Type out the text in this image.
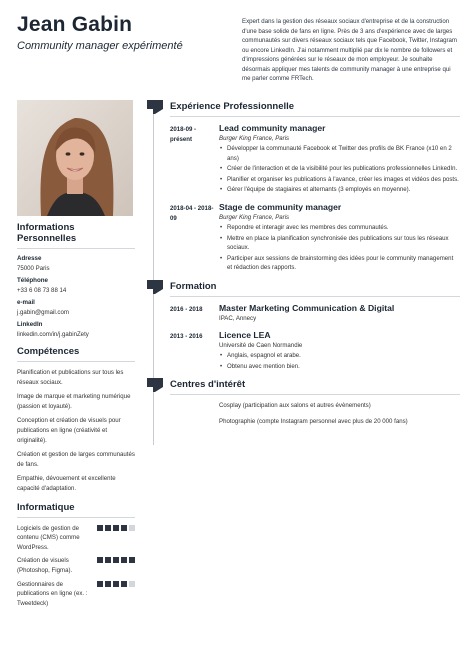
Jean Gabin
Community manager expérimenté
Expert dans la gestion des réseaux sociaux d'entreprise et de la construction d'une base solide de fans en ligne. Près de 3 ans d'expérience avec de larges communautés sur divers réseaux sociaux tels que Facebook, Twitter, Instagram ou encore LinkedIn. J'ai notamment multiplié par dix le nombre de followers et d'impressions générées sur le réseaux de mon employeur. Je souhaite désormais appliquer mes talents de community manager à une entreprise qui me parler comme FRTech.
Informations Personnelles
Adresse
75000 Paris
Téléphone
+33 6 08 73 88 14
e-mail
j.gabin@gmail.com
LinkedIn
linkedin.com/in/j.gabinZety
Compétences
Planification et publications sur tous les réseaux sociaux.
Image de marque et marketing numérique (passion et loyauté).
Conception et création de visuels pour publications en ligne (créativité et originalité).
Création et gestion de larges communautés de fans.
Empathie, dévouement et excellente capacité d'adaptation.
Informatique
Logiciels de gestion de contenu (CMS) comme WordPress.
Création de visuels (Photoshop, Figma).
Gestionnaires de publications en ligne (ex. : Tweetdeck)
Expérience Professionnelle
2018-09 - présent
Lead community manager
Burger King France, Paris
• Développer la communauté Facebook et Twitter des profils de BK France (x10 en 2 ans)
• Créer de l'interaction et de la visibilité pour les publications professionnelles LinkedIn.
• Planifier et organiser les publications à l'avance, créer les images et vidéos des posts.
• Gérer l'équipe de stagiaires et alternants (3 employés en moyenne).
2018-04 - 2018-09
Stage de community manager
Burger King France, Paris
• Repondre et interagir avec les membres des communautés.
• Mettre en place la planification synchronisée des publications sur tous les réseaux sociaux.
• Participer aux sessions de brainstorming des idées pour le community management et rédaction des rapports.
Formation
2016 - 2018	Master Marketing Communication & Digital
IPAC, Annecy
2013 - 2016	Licence LEA
Université de Caen Normandie
• Anglais, espagnol et arabe.
• Obtenu avec mention bien.
Centres d'intérêt
Cosplay (participation aux salons et autres évènements)
Photographie (compte Instagram personnel avec plus de 20 000 fans)
